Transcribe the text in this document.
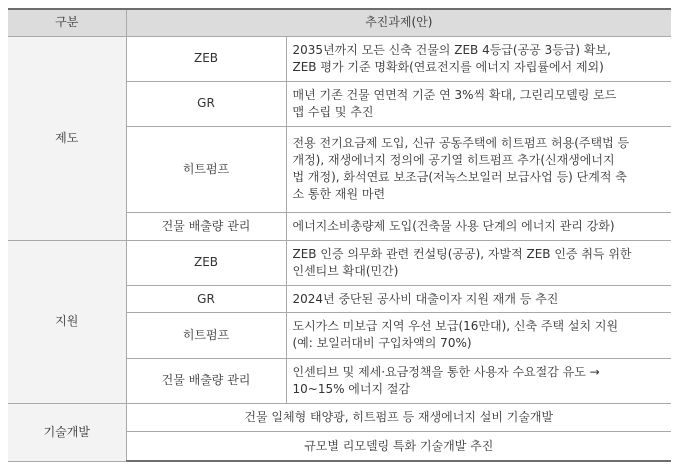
구분	추진과제(안)	
제도	ZEB	2035년까지 모든 신축 건물의 ZEB 4등급(공공 3등급) 확보,
ZEB 평가 기준 명확화(연료전지를 에너지 자립률에서 제외)
	GR	매년 기존 건물 연면적 기준 연 3%씩 확대, 그린리모델링 로드
맵 수립 및 추진
	히트펌프	전용 전기요금제 도입, 신규 공동주택에 히트펌프 허용(주택법 등
개정), 재생에너지 정의에 공기열 히트펌프 추가(신재생에너지
법 개정), 화석연료 보조금(저녹스보일러 보급사업 등) 단계적 축
소 통한 재원 마련
	건물 배출량 관리	에너지소비총량제 도입(건축물 사용 단계의 에너지 관리 강화)
지원	ZEB	ZEB 인증 의무화 관련 컨설팅(공공), 자발적 ZEB 인증 취득 위한
인센티브 확대(민간)
	GR	2024년 중단된 공사비 대출이자 지원 재개 등 추진
	히트펌프	도시가스 미보급 지역 우선 보급(16만대), 신축 주택 설치 지원
(예: 보일러대비 구입차액의 70%)
	건물 배출량 관리	인센티브 및 제세·요금정책을 통한 사용자 수요절감 유도 →
10~15% 에너지 절감
기술개발	건물 일체형 태양광, 히트펌프 등 재생에너지 설비 기술개발	
	규모별 리모델링 특화 기술개발 추진	
